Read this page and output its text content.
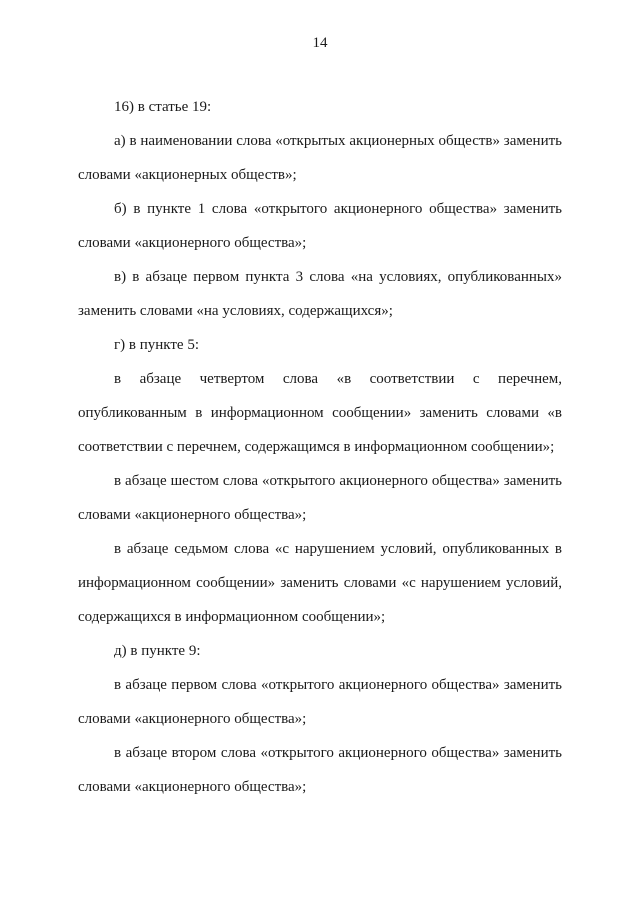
14

16) в статье 19:

а) в наименовании слова «открытых акционерных обществ» заменить словами «акционерных обществ»;

б) в пункте 1 слова «открытого акционерного общества» заменить словами «акционерного общества»;

в) в абзаце первом пункта 3 слова «на условиях, опубликованных» заменить словами «на условиях, содержащихся»;

г) в пункте 5:

в абзаце четвертом слова «в соответствии с перечнем, опубликованным в информационном сообщении» заменить словами «в соответствии с перечнем, содержащимся в информационном сообщении»;

в абзаце шестом слова «открытого акционерного общества» заменить словами «акционерного общества»;

в абзаце седьмом слова «с нарушением условий, опубликованных в информационном сообщении» заменить словами «с нарушением условий, содержащихся в информационном сообщении»;

д) в пункте 9:

в абзаце первом слова «открытого акционерного общества» заменить словами «акционерного общества»;

в абзаце втором слова «открытого акционерного общества» заменить словами «акционерного общества»;
